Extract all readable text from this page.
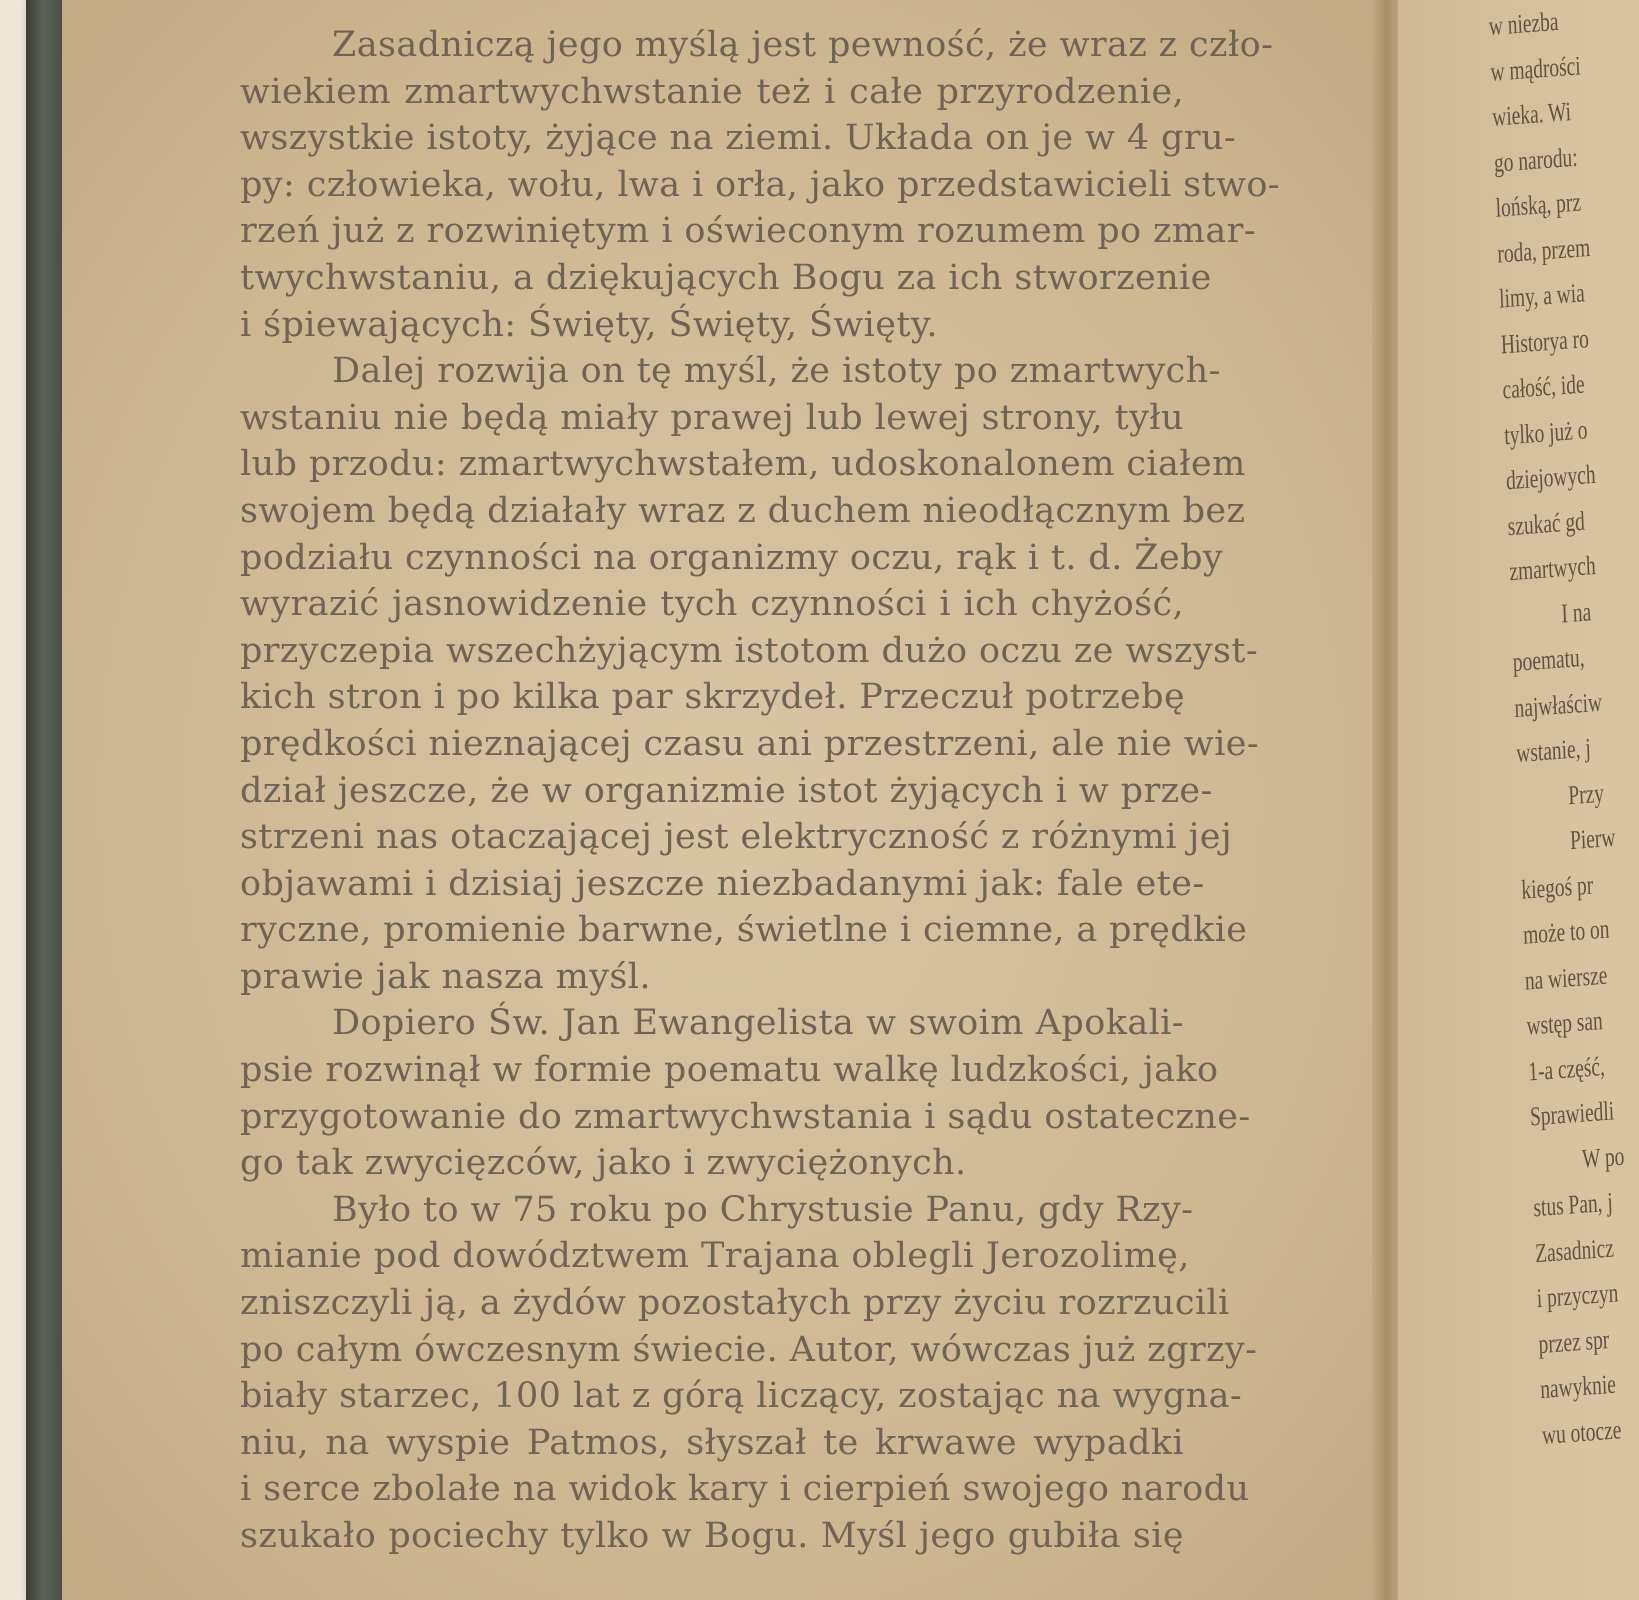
Zasadniczą jego myślą jest pewność, że wraz z czło-
wiekiem zmartwychwstanie też i całe przyrodzenie,
wszystkie istoty, żyjące na ziemi. Układa on je w 4 gru-
py: człowieka, wołu, lwa i orła, jako przedstawicieli stwo-
rzeń już z rozwiniętym i oświeconym rozumem po zmar-
twychwstaniu, a dziękujących Bogu za ich stworzenie
i śpiewających: Święty, Święty, Święty.
Dalej rozwija on tę myśl, że istoty po zmartwych-
wstaniu nie będą miały prawej lub lewej strony, tyłu
lub przodu: zmartwychwstałem, udoskonalonem ciałem
swojem będą działały wraz z duchem nieodłącznym bez
podziału czynności na organizmy oczu, rąk i t. d. Żeby
wyrazić jasnowidzenie tych czynności i ich chyżość,
przyczepia wszechżyjącym istotom dużo oczu ze wszyst-
kich stron i po kilka par skrzydeł. Przeczuł potrzebę
prędkości nieznającej czasu ani przestrzeni, ale nie wie-
dział jeszcze, że w organizmie istot żyjących i w prze-
strzeni nas otaczającej jest elektryczność z różnymi jej
objawami i dzisiaj jeszcze niezbadanymi jak: fale ete-
ryczne, promienie barwne, świetlne i ciemne, a prędkie
prawie jak nasza myśl.
Dopiero Św. Jan Ewangelista w swoim Apokali-
psie rozwinął w formie poematu walkę ludzkości, jako
przygotowanie do zmartwychwstania i sądu ostateczne-
go tak zwycięzców, jako i zwyciężonych.
Było to w 75 roku po Chrystusie Panu, gdy Rzy-
mianie pod dowództwem Trajana oblegli Jerozolimę,
zniszczyli ją, a żydów pozostałych przy życiu rozrzucili
po całym ówczesnym świecie. Autor, wówczas już zgrzy-
biały starzec, 100 lat z górą liczący, zostając na wygna-
niu, na wyspie Patmos, słyszał te krwawe wypadki
i serce zbolałe na widok kary i cierpień swojego narodu
szukało pociechy tylko w Bogu. Myśl jego gubiła się
w niezba
w mądrości
wieka. Wi
go narodu:
lońską, prz
roda, przem
limy, a wia
Historya ro
całość, ide
tylko już o
dziejowych
szukać gd
zmartwych
I na
poematu,
najwłaściw
wstanie, j
Przy
Pierw
kiegoś pr
może to on
na wiersze
wstęp san
1-a część,
Sprawiedli
W po
stus Pan, j
Zasadnicz
i przyczyn
przez spr
nawyknie
wu otocze
